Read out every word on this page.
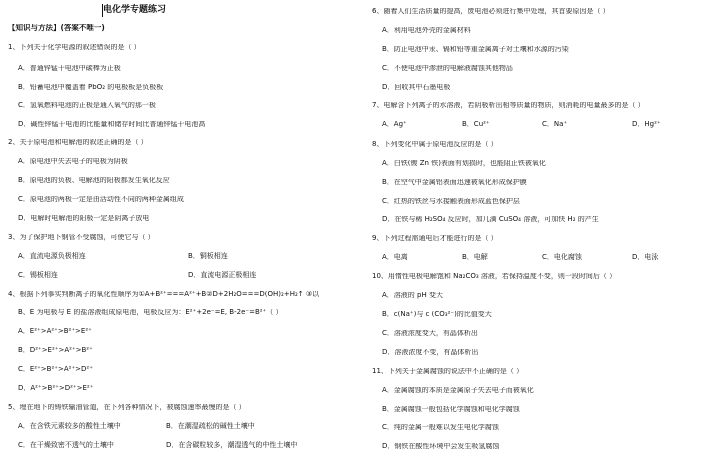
电化学专题练习
【知识与方法】(答案不唯一)
1、下列关于化学电源的叙述错误的是（ ）
A．普通锌锰干电池中碳棒为正极
B．铅蓄电池中覆盖着 PbO₂ 的电极板是负极板
C．氢氧燃料电池的正极是通入氧气的那一极
D．碱性锌锰干电池的比能量和储存时间比普通锌锰干电池高
2、关于原电池和电解池的叙述正确的是（ ）
A．原电池中失去电子的电极为阴极
B．原电池的负极、电解池的阳极都发生氧化反应
C．原电池的两极一定是由活动性不同的两种金属组成
D．电解时电解池的阳极一定是阴离子放电
3、为了保护地下钢管不受腐蚀，可使它与（ ）
A．直流电源负极相连	B．铜板相连
C．锡板相连	D．直流电源正极相连
4、根据下列事实判断离子的氧化性顺序为①A+B²⁺===A²⁺+B②D+2H₂O===D(OH)₂+H₂↑ ③以
B、E 为电极与 E 的盐溶液组成原电池，电极反应为：E²⁺+2e⁻=E, B-2e⁻=B²⁺（ ）
A．E²⁺>A²⁺>B²⁺>E²⁺
B．D²⁺>E²⁺>A²⁺>B²⁺
C．E²⁺>B²⁺>A²⁺>D²⁺
D．A²⁺>B²⁺>D²⁺>E²⁺
5、埋在地下的铸铁输油管道，在下列各种情况下，被腐蚀速率最慢的是（ ）
A．在含铁元素较多的酸性土壤中	B．在潮湿疏松的碱性土壤中
C．在干燥致密不透气的土壤中	D．在含碳粒较多，潮湿透气的中性土壤中
6、随着人们生活质量的提高，废电池必须进行集中处理，其首要原因是（ ）
A．利用电池外壳的金属材料
B．防止电池中汞、镉和铅等重金属离子对土壤和水源的污染
C．不使电池中渗泄的电解液腐蚀其他物品
D．回收其中石墨电极
7、电解含下列离子的水溶液，若阴极析出相等质量的物质，则消耗的电量最多的是（ ）
A．Ag⁺	B．Cu²⁺	C．Na⁺	D．Hg²⁺
8、下列变化中属于原电池反应的是（ ）
A．白铁(镀 Zn 铁)表面有划损时，也能阻止铁被氧化
B．在空气中金属铝表面迅速被氧化形成保护膜
C．红热的铁丝与水接触表面形成蓝色保护层
D．在铁与稀 H₂SO₄ 反应时，加几滴 CuSO₄ 溶液，可加快 H₂ 的产生
9、下列过程需通电后才能进行的是（ ）
A．电离	B．电解	C．电化腐蚀	D．电泳
10、用惰性电极电解饱和 Na₂CO₃ 溶液，若保持温度不变，则一段时间后（ ）
A．溶液的 pH 变大
B．c(Na⁺)与 c (CO₃²⁻)的比值变大
C．溶液浓度变大，有晶体析出
D．溶液浓度不变，有晶体析出
11、下列关于金属腐蚀的说法中不正确的是（ ）
A．金属腐蚀的本质是金属原子失去电子而被氧化
B．金属腐蚀一般包括化学腐蚀和电化学腐蚀
C．纯的金属一般难以发生电化学腐蚀
D．钢铁在酸性环境中会发生吸氢腐蚀
